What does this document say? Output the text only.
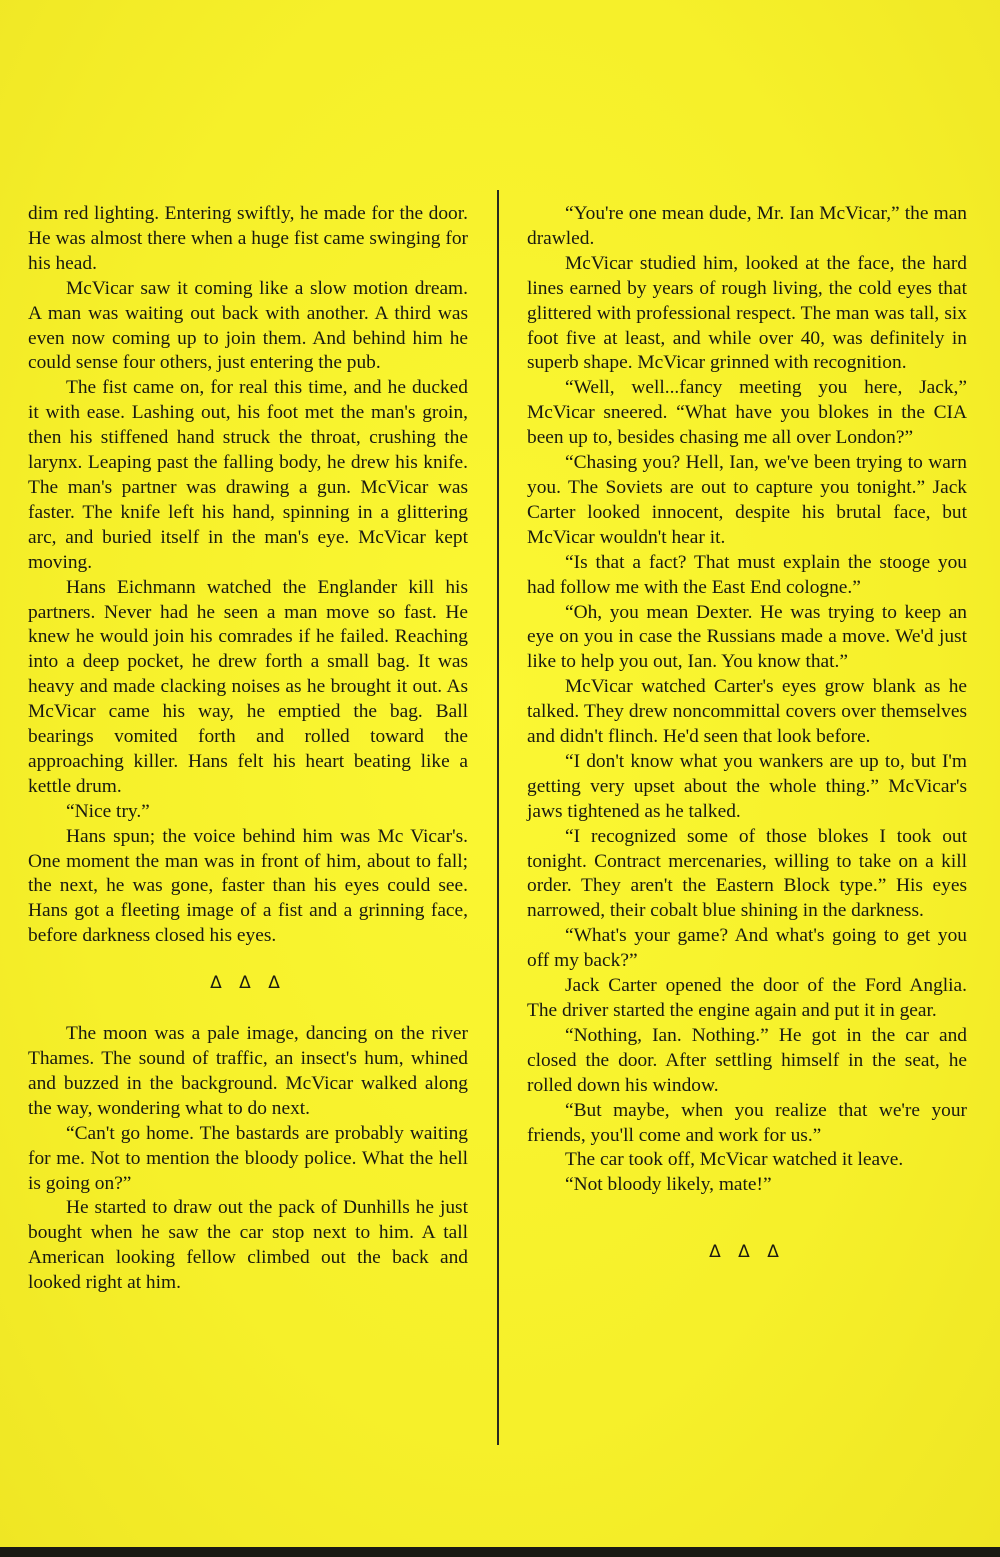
dim red lighting. Entering swiftly, he made for the door. He was almost there when a huge fist came swinging for his head.

McVicar saw it coming like a slow motion dream. A man was waiting out back with another. A third was even now coming up to join them. And behind him he could sense four others, just entering the pub.

The fist came on, for real this time, and he ducked it with ease. Lashing out, his foot met the man's groin, then his stiffened hand struck the throat, crushing the larynx. Leaping past the falling body, he drew his knife. The man's partner was drawing a gun. McVicar was faster. The knife left his hand, spinning in a glittering arc, and buried itself in the man's eye. McVicar kept moving.

Hans Eichmann watched the Englander kill his partners. Never had he seen a man move so fast. He knew he would join his comrades if he failed. Reaching into a deep pocket, he drew forth a small bag. It was heavy and made clacking noises as he brought it out. As McVicar came his way, he emptied the bag. Ball bearings vomited forth and rolled toward the approaching killer. Hans felt his heart beating like a kettle drum.

“Nice try.”

Hans spun; the voice behind him was Mc Vicar's. One moment the man was in front of him, about to fall; the next, he was gone, faster than his eyes could see. Hans got a fleeting image of a fist and a grinning face, before darkness closed his eyes.

Δ Δ Δ

The moon was a pale image, dancing on the river Thames. The sound of traffic, an insect's hum, whined and buzzed in the background. McVicar walked along the way, wondering what to do next.

“Can't go home. The bastards are probably waiting for me. Not to mention the bloody police. What the hell is going on?”

He started to draw out the pack of Dunhills he just bought when he saw the car stop next to him. A tall American looking fellow climbed out the back and looked right at him.

“You're one mean dude, Mr. Ian McVicar,” the man drawled.

McVicar studied him, looked at the face, the hard lines earned by years of rough living, the cold eyes that glittered with professional respect. The man was tall, six foot five at least, and while over 40, was definitely in superb shape. McVicar grinned with recognition.

“Well, well...fancy meeting you here, Jack,” McVicar sneered. “What have you blokes in the CIA been up to, besides chasing me all over London?”

“Chasing you? Hell, Ian, we've been trying to warn you. The Soviets are out to capture you tonight.” Jack Carter looked innocent, despite his brutal face, but McVicar wouldn't hear it.

“Is that a fact? That must explain the stooge you had follow me with the East End cologne.”

“Oh, you mean Dexter. He was trying to keep an eye on you in case the Russians made a move. We'd just like to help you out, Ian. You know that.”

McVicar watched Carter's eyes grow blank as he talked. They drew noncommittal covers over themselves and didn't flinch. He'd seen that look before.

“I don't know what you wankers are up to, but I'm getting very upset about the whole thing.” McVicar's jaws tightened as he talked.

“I recognized some of those blokes I took out tonight. Contract mercenaries, willing to take on a kill order. They aren't the Eastern Block type.” His eyes narrowed, their cobalt blue shining in the darkness.

“What's your game? And what's going to get you off my back?”

Jack Carter opened the door of the Ford Anglia. The driver started the engine again and put it in gear.

“Nothing, Ian. Nothing.” He got in the car and closed the door. After settling himself in the seat, he rolled down his window.

“But maybe, when you realize that we're your friends, you'll come and work for us.”

The car took off, McVicar watched it leave.

“Not bloody likely, mate!”

Δ Δ Δ
